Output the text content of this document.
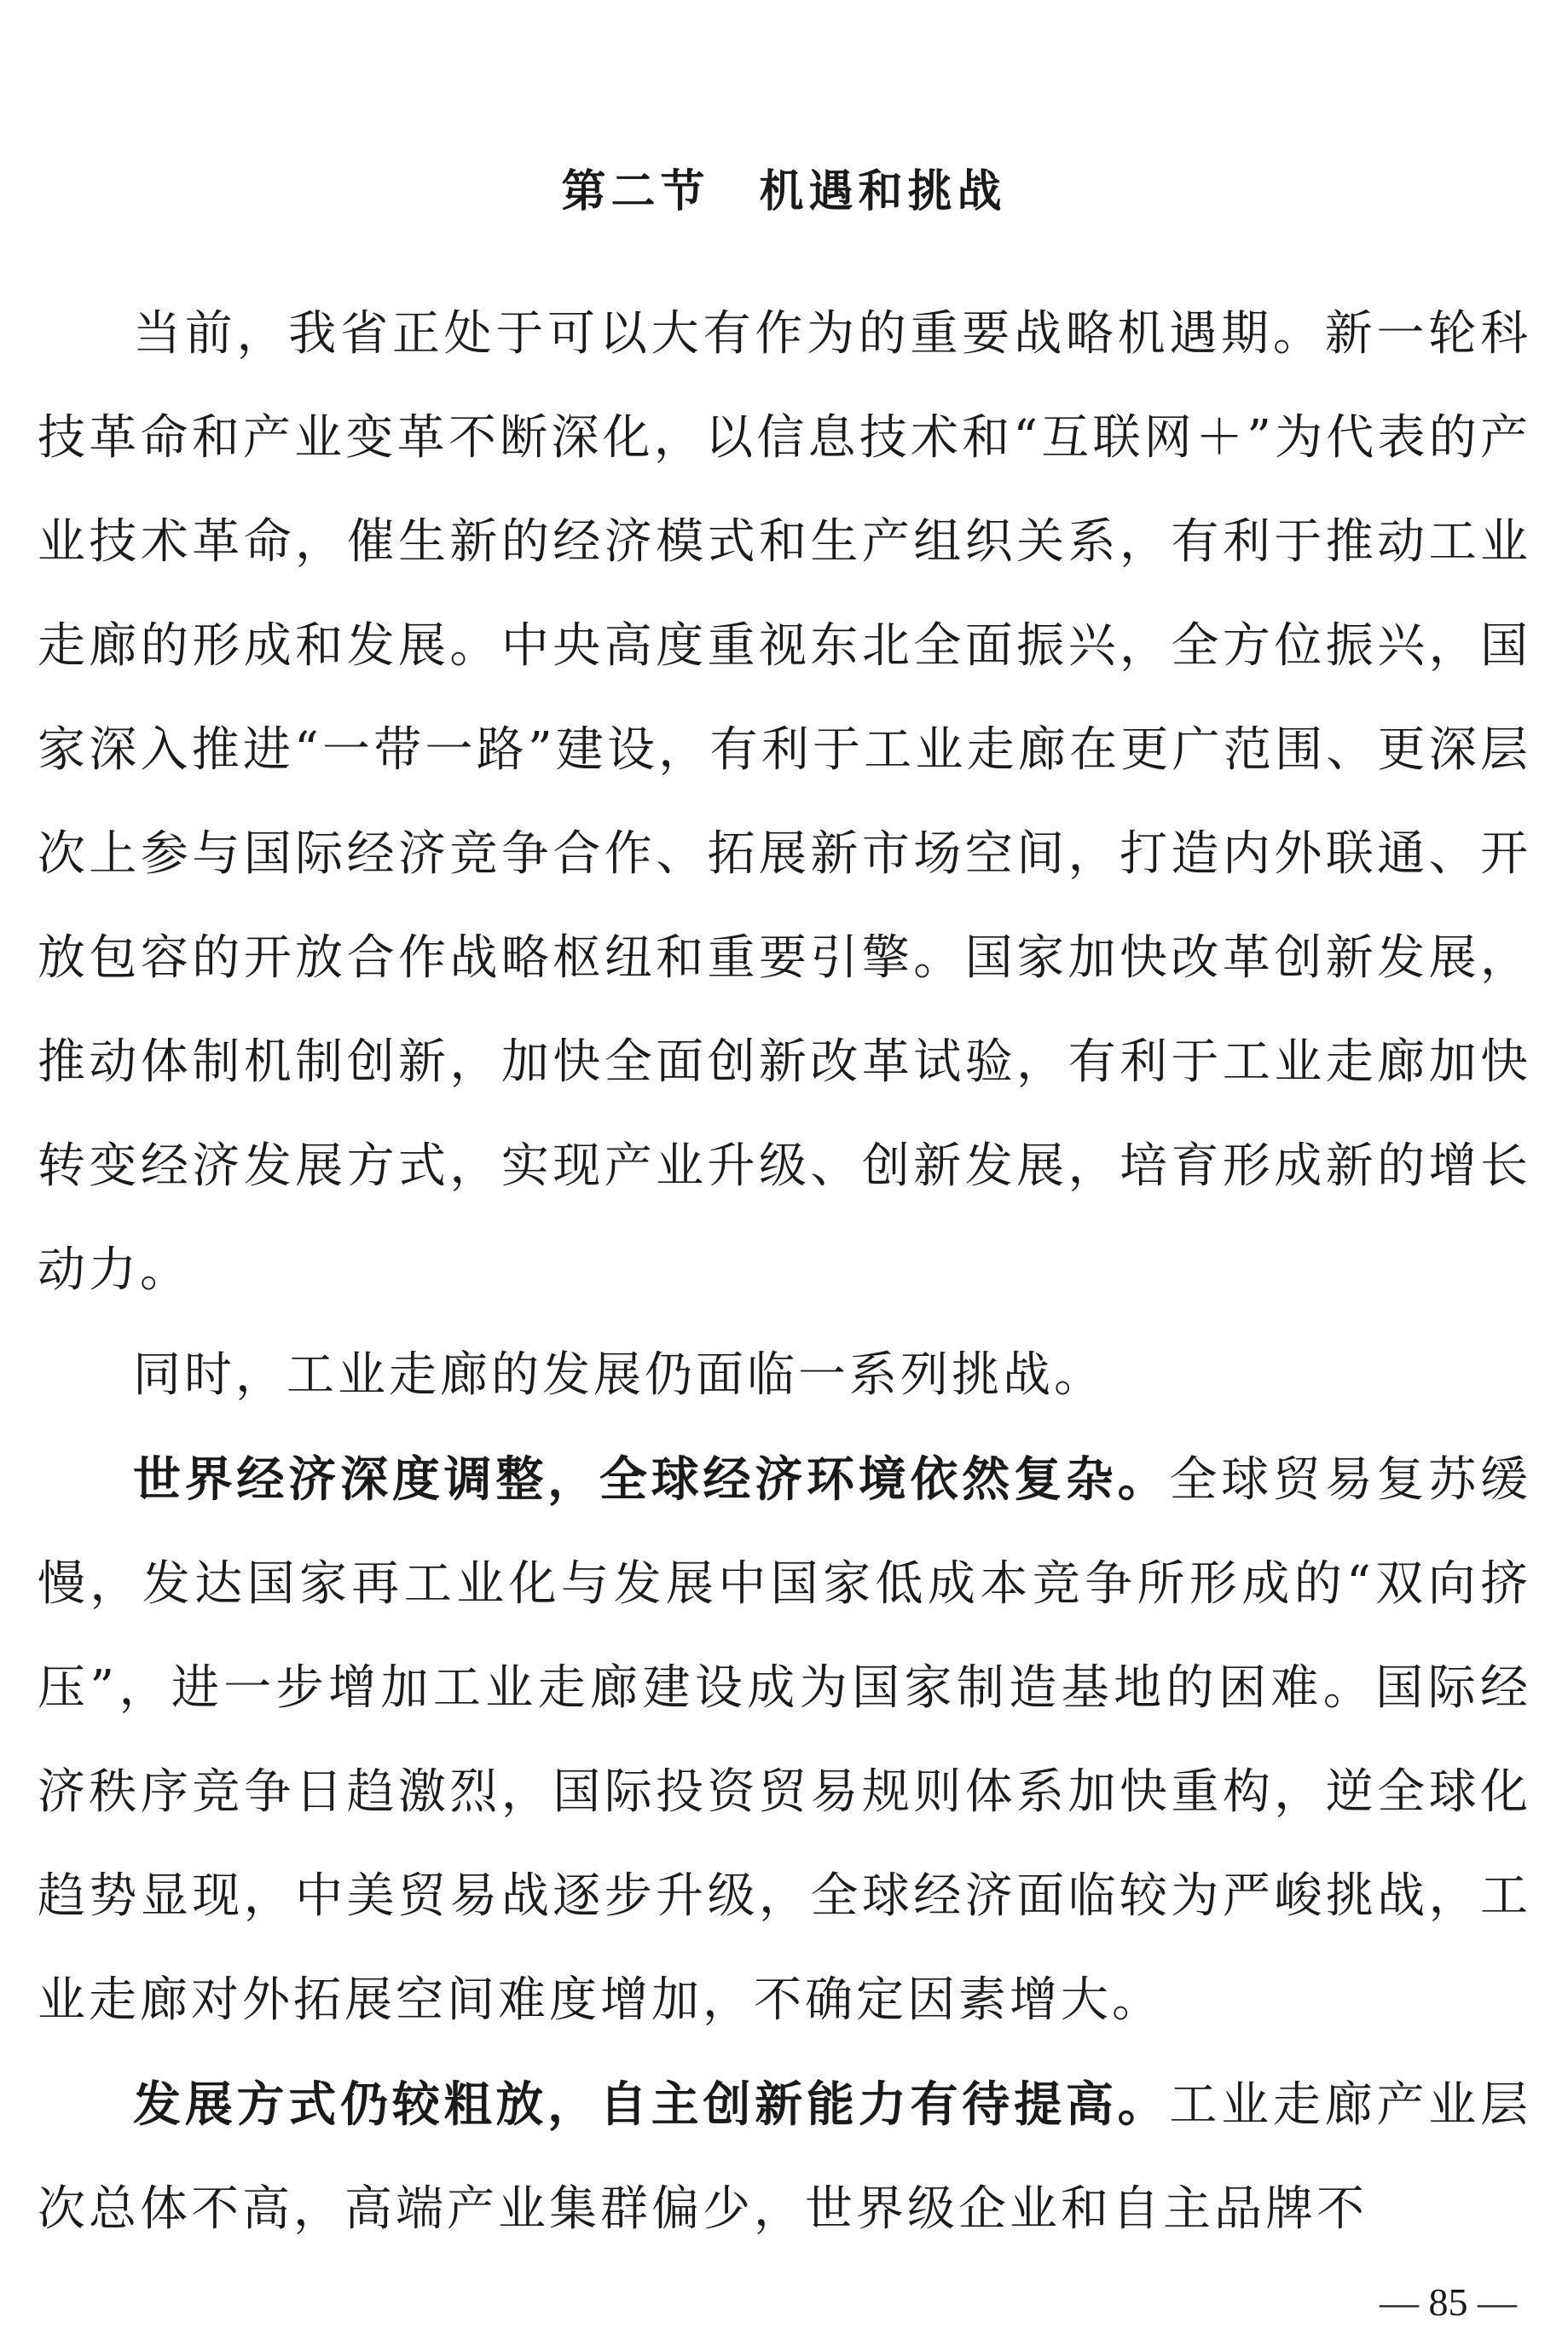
第二节　机遇和挑战

当前，我省正处于可以大有作为的重要战略机遇期。新一轮科技革命和产业变革不断深化，以信息技术和“互联网＋”为代表的产业技术革命，催生新的经济模式和生产组织关系，有利于推动工业走廊的形成和发展。中央高度重视东北全面振兴，全方位振兴，国家深入推进“一带一路”建设，有利于工业走廊在更广范围、更深层次上参与国际经济竞争合作、拓展新市场空间，打造内外联通、开放包容的开放合作战略枢纽和重要引擎。国家加快改革创新发展，推动体制机制创新，加快全面创新改革试验，有利于工业走廊加快转变经济发展方式，实现产业升级、创新发展，培育形成新的增长动力。

同时，工业走廊的发展仍面临一系列挑战。

世界经济深度调整，全球经济环境依然复杂。全球贸易复苏缓慢，发达国家再工业化与发展中国家低成本竞争所形成的“双向挤压”，进一步增加工业走廊建设成为国家制造基地的困难。国际经济秩序竞争日趋激烈，国际投资贸易规则体系加快重构，逆全球化趋势显现，中美贸易战逐步升级，全球经济面临较为严峻挑战，工业走廊对外拓展空间难度增加，不确定因素增大。

发展方式仍较粗放，自主创新能力有待提高。工业走廊产业层次总体不高，高端产业集群偏少，世界级企业和自主品牌不

— 85 —
